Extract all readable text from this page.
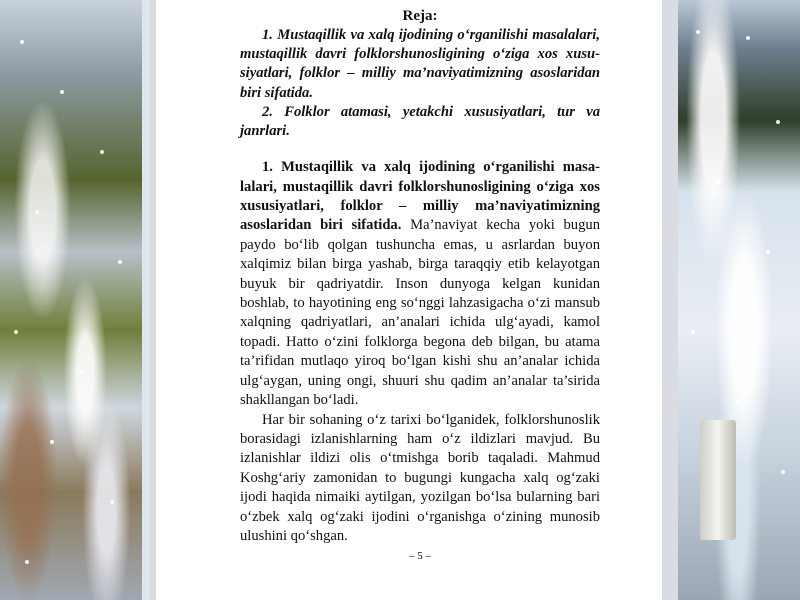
Reja:

1. Mustaqillik va xalq ijodining o‘rganilishi masalalari, mustaqillik davri folklorshunosligining o‘ziga xos xusu-siyatlari, folklor – milliy ma’naviyatimizning asoslaridan biri sifatida.

2. Folklor atamasi, yetakchi xususiyatlari, tur va janrlari.

1. Mustaqillik va xalq ijodining o‘rganilishi masa-lalari, mustaqillik davri folklorshunosligining o‘ziga xos xususiyatlari, folklor – milliy ma’naviyatimizning asoslaridan biri sifatida. Ma’naviyat kecha yoki bugun paydo bo‘lib qolgan tushuncha emas, u asrlardan buyon xalqimiz bilan birga yashab, birga taraqqiy etib kelayotgan buyuk bir qadriyatdir. Inson dunyoga kelgan kunidan boshlab, to hayotining eng so‘nggi lahzasigacha o‘zi mansub xalqning qadriyatlari, an’analari ichida ulg‘ayadi, kamol topadi. Hatto o‘zini folklorga begona deb bilgan, bu atama ta’rifidan mutlaqo yiroq bo‘lgan kishi shu an’analar ichida ulg‘aygan, uning ongi, shuuri shu qadim an’analar ta’sirida shakllangan bo‘ladi.

Har bir sohaning o‘z tarixi bo‘lganidek, folklorshunoslik borasidagi izlanishlarning ham o‘z ildizlari mavjud. Bu izlanishlar ildizi olis o‘tmishga borib taqaladi. Mahmud Koshg‘ariy zamonidan to bugungi kungacha xalq og‘zaki ijodi haqida nimaiki aytilgan, yozilgan bo‘lsa bularning bari o‘zbek xalq og‘zaki ijodini o‘rganishga o‘zining munosib ulushini qo‘shgan.

– 5 –
